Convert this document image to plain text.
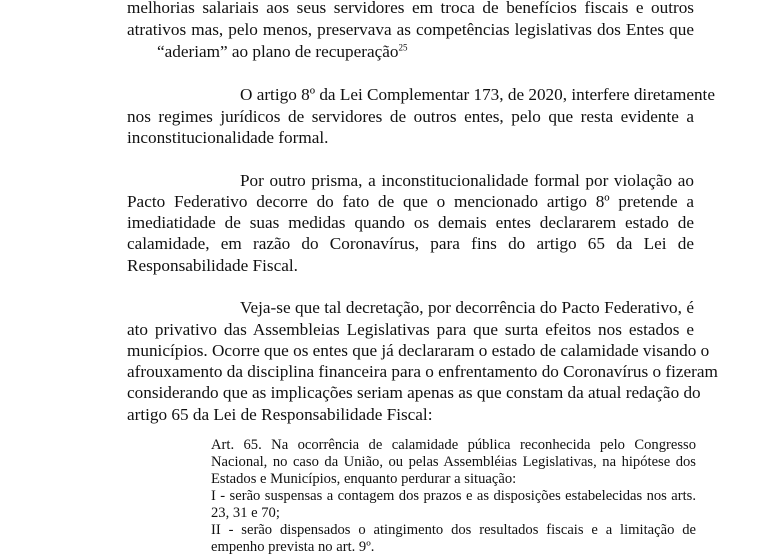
melhorias salariais aos seus servidores em troca de benefícios fiscais e outros
atrativos mas, pelo menos, preservava as competências legislativas dos Entes que
“aderiam” ao plano de recuperação$^{25}$
O artigo 8º da Lei Complementar 173, de 2020, interfere diretamente
nos regimes jurídicos de servidores de outros entes, pelo que resta evidente a
inconstitucionalidade formal.
Por outro prisma, a inconstitucionalidade formal por violação ao
Pacto Federativo decorre do fato de que o mencionado artigo 8º pretende a
imediatidade de suas medidas quando os demais entes declararem estado de
calamidade, em razão do Coronavírus, para fins do artigo 65 da Lei de
Responsabilidade Fiscal.
Veja-se que tal decretação, por decorrência do Pacto Federativo, é
ato privativo das Assembleias Legislativas para que surta efeitos nos estados e
municípios. Ocorre que os entes que já declararam o estado de calamidade visando o
afrouxamento da disciplina financeira para o enfrentamento do Coronavírus o fizeram
considerando que as implicações seriam apenas as que constam da atual redação do
artigo 65 da Lei de Responsabilidade Fiscal:
Art. 65. Na ocorrência de calamidade pública reconhecida pelo Congresso
Nacional, no caso da União, ou pelas Assembléias Legislativas, na hipótese dos
Estados e Municípios, enquanto perdurar a situação:
I - serão suspensas a contagem dos prazos e as disposições estabelecidas nos arts.
23, 31 e 70;
II - serão dispensados o atingimento dos resultados fiscais e a limitação de
empenho prevista no art. 9º.
